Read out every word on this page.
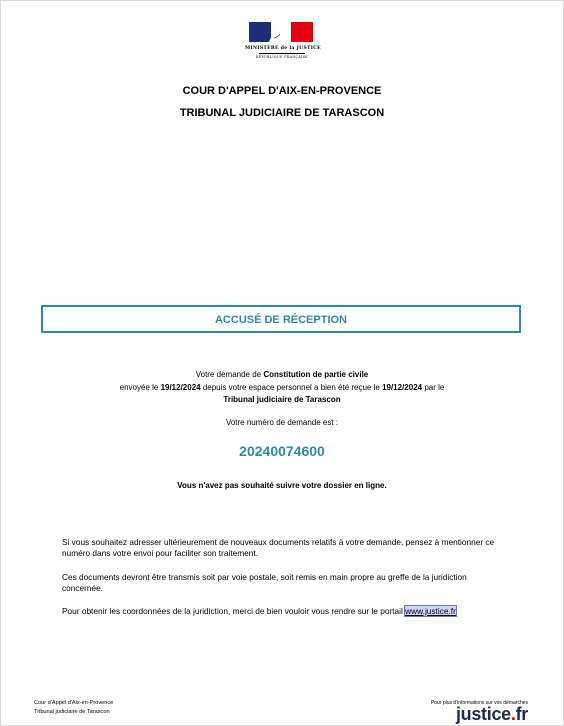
MINISTÈRE de la JUSTICE
RÉPUBLIQUE FRANÇAISE
COUR D'APPEL D'AIX-EN-PROVENCE
TRIBUNAL JUDICIAIRE DE TARASCON
ACCUSÉ DE RÉCEPTION
Votre demande de Constitution de partie civile
envoyée le 19/12/2024 depuis votre espace personnel a bien été reçue le 19/12/2024 par le
Tribunal judiciaire de Tarascon
Votre numéro de demande est :
20240074600
Vous n'avez pas souhaité suivre votre dossier en ligne.
Si vous souhaitez adresser ultérieurement de nouveaux documents relatifs à votre demande, pensez à mentionner ce numéro dans votre envoi pour faciliter son traitement.
Ces documents devront être transmis soit par voie postale, soit remis en main propre au greffe de la juridiction concernée.
Pour obtenir les coordonnées de la juridiction, merci de bien vouloir vous rendre sur le portail www.justice.fr
Cour d'Appel d'Aix-en-Provence
Tribunal judiciaire de Tarascon
Pour plus d'informations sur vos démarches
justice.fr
